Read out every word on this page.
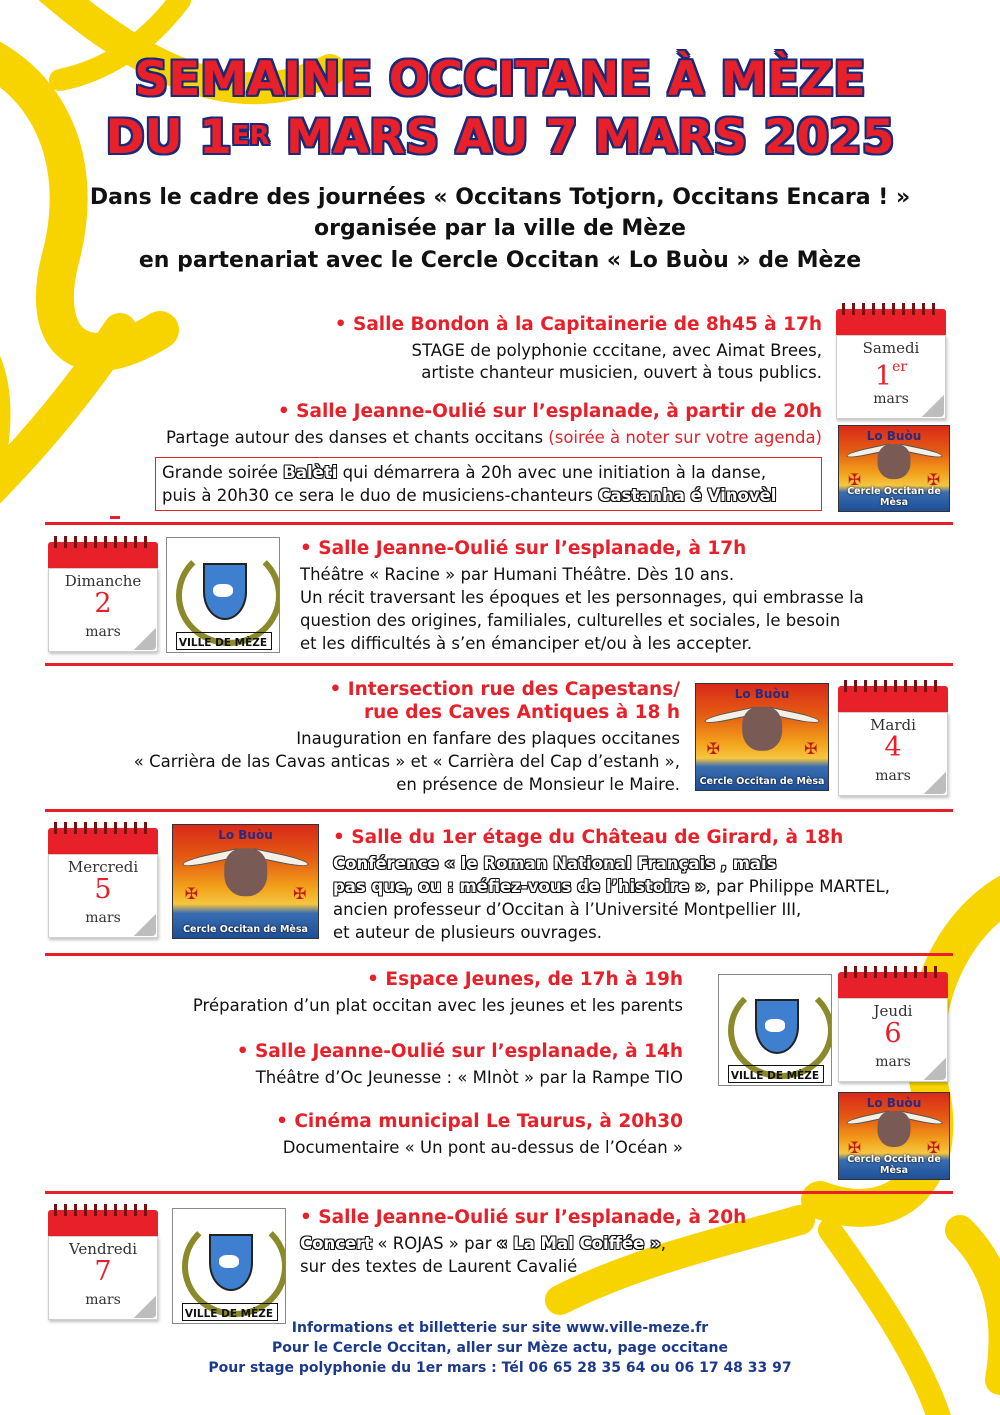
SEMAINE OCCITANE À MÈZE
DU 1ER MARS AU 7 MARS 2025
Dans le cadre des journées « Occitans Totjorn, Occitans Encara ! »
organisée par la ville de Mèze
en partenariat avec le Cercle Occitan « Lo Buòu » de Mèze
• Salle Bondon à la Capitainerie de 8h45 à 17h
STAGE de polyphonie cccitane, avec Aimat Brees,
artiste chanteur musicien, ouvert à tous publics.
• Salle Jeanne-Oulié sur l’esplanade, à partir de 20h
Partage autour des danses et chants occitans (soirée à noter sur votre agenda)
Grande soirée Balèti qui démarrera à 20h avec une initiation à la danse,
puis à 20h30 ce sera le duo de musiciens-chanteurs Castanha é Vinovèl
Samedi
1er
mars
Lo Buòu
✠	✠
Cercle Occitan de Mèsa
Dimanche
2
mars
VILLE DE MÈZE
• Salle Jeanne-Oulié sur l’esplanade, à 17h
Théâtre « Racine » par Humani Théâtre. Dès 10 ans.
Un récit traversant les époques et les personnages, qui embrasse la
question des origines, familiales, culturelles et sociales, le besoin
et les difficultés à s’en émanciper et/ou à les accepter.
• Intersection rue des Capestans/
rue des Caves Antiques à 18 h
Inauguration en fanfare des plaques occitanes
« Carrièra de las Cavas anticas » et « Carrièra del Cap d’estanh »,
en présence de Monsieur le Maire.
Lo Buòu
✠	✠
Cercle Occitan de Mèsa
Mardi
4
mars
Mercredi
5
mars
Lo Buòu
✠	✠
Cercle Occitan de Mèsa
• Salle du 1er étage du Château de Girard, à 18h
Conférence « le Roman National Français , mais
pas que, ou : méfiez-vous de l’histoire », par Philippe MARTEL,
ancien professeur d’Occitan à l’Université Montpellier III,
et auteur de plusieurs ouvrages.
• Espace Jeunes, de 17h à 19h
Préparation d’un plat occitan avec les jeunes et les parents
• Salle Jeanne-Oulié sur l’esplanade, à 14h
Théâtre d’Oc Jeunesse : « MInòt » par la Rampe TIO
• Cinéma municipal Le Taurus, à 20h30
Documentaire « Un pont au-dessus de l’Océan »
VILLE DE MÈZE
Jeudi
6
mars
Lo Buòu
✠	✠
Cercle Occitan de Mèsa
Vendredi
7
mars
VILLE DE MÈZE
• Salle Jeanne-Oulié sur l’esplanade, à 20h
Concert « ROJAS » par « La Mal Coiffée »,
sur des textes de Laurent Cavalié
Informations et billetterie sur site www.ville-meze.fr
Pour le Cercle Occitan, aller sur Mèze actu, page occitane
Pour stage polyphonie du 1er mars : Tél 06 65 28 35 64 ou 06 17 48 33 97
